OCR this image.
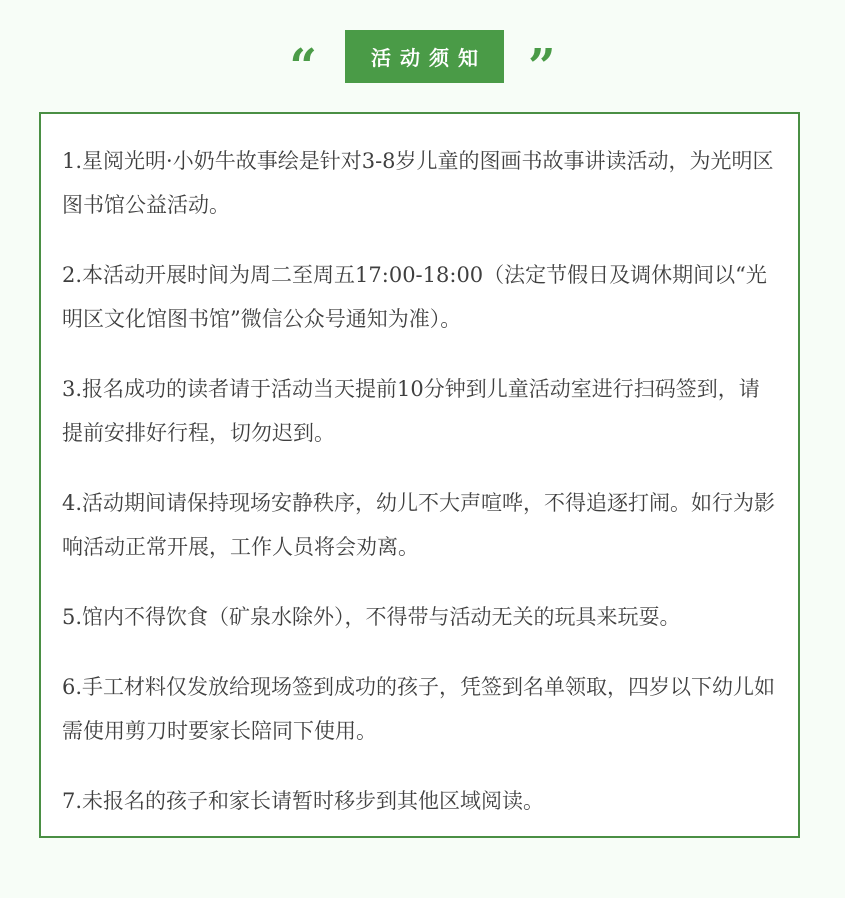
“	活动须知 ”

1.星阅光明·小奶牛故事绘是针对3-8岁儿童的图画书故事讲读活动，为光明区图书馆公益活动。

2.本活动开展时间为周二至周五17:00-18:00（法定节假日及调休期间以“光明区文化馆图书馆”微信公众号通知为准）。

3.报名成功的读者请于活动当天提前10分钟到儿童活动室进行扫码签到，请提前安排好行程，切勿迟到。

4.活动期间请保持现场安静秩序，幼儿不大声喧哗，不得追逐打闹。如行为影响活动正常开展，工作人员将会劝离。

5.馆内不得饮食（矿泉水除外），不得带与活动无关的玩具来玩耍。

6.手工材料仅发放给现场签到成功的孩子，凭签到名单领取，四岁以下幼儿如需使用剪刀时要家长陪同下使用。

7.未报名的孩子和家长请暂时移步到其他区域阅读。
